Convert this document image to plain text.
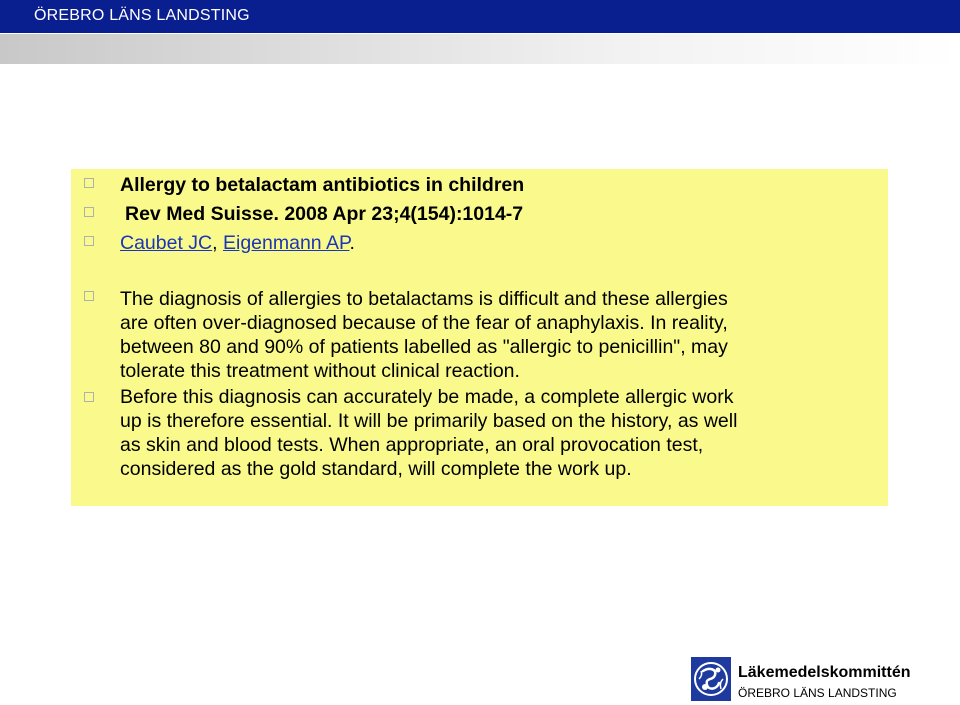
ÖREBRO LÄNS LANDSTING
Allergy to betalactam antibiotics in children
Rev Med Suisse. 2008 Apr 23;4(154):1014-7
Caubet JC, Eigenmann AP.
The diagnosis of allergies to betalactams is difficult and these allergies
are often over-diagnosed because of the fear of anaphylaxis. In reality,
between 80 and 90% of patients labelled as "allergic to penicillin", may
tolerate this treatment without clinical reaction.
Before this diagnosis can accurately be made, a complete allergic work
up is therefore essential. It will be primarily based on the history, as well
as skin and blood tests. When appropriate, an oral provocation test,
considered as the gold standard, will complete the work up.
Läkemedelskommittén
ÖREBRO LÄNS LANDSTING
